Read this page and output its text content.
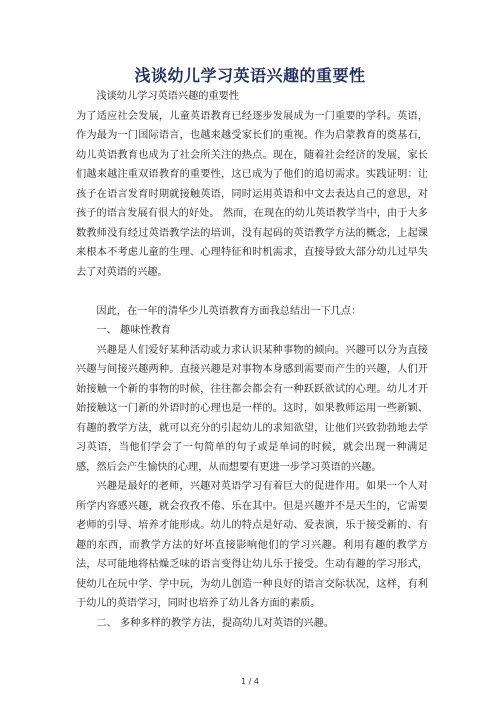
浅谈幼儿学习英语兴趣的重要性

浅谈幼儿学习英语兴趣的重要性

为了适应社会发展，儿童英语教育已经逐步发展成为一门重要的学科。英语，作为最为一门国际语言，也越来越受家长们的重视。作为启蒙教育的奠基石，幼儿英语教育也成为了社会所关注的热点。现在，随着社会经济的发展，家长们越来越注重双语教育的重要性，这已成为了他们的追切需求。实践证明：让孩子在语言发育时期就接触英语，同时运用英语和中文去表达自己的意思，对孩子的语言发展有很大的好处。 然而，在现在的幼儿英语教学当中，由于大多数教师没有经过英语教学法的培训，没有起码的英语教学方法的概念，上起课来根本不考虑儿童的生理、心理特征和时机需求，直接导致大部分幼儿过早失去了对英语的兴趣。

因此，在一年的清华少儿英语教育方面我总结出一下几点：

一、 趣味性教育

兴趣是人们爱好某种活动或力求认识某种事物的倾向。兴趣可以分为直接兴趣与间接兴趣两种。直接兴趣是对事物本身感到需要而产生的兴趣，人们开始接触一个新的事物的时候，往往都会都会有一种跃跃欲试的心理。幼儿才开始接触这一门新的外语时的心理也是一样的。这时，如果教师运用一些新颖、有趣的教学方法，就可以充分的引起幼儿的求知欲望，让他们兴致勃勃地去学习英语，当他们学会了一句简单的句子或是单词的时候，就会出现一种满足感，然后会产生愉快的心理，从而想要有更进一步学习英语的兴趣。

兴趣是最好的老师，兴趣对英语学习有着巨大的促进作用。如果一个人对所学内容感兴趣，就会孜孜不倦、乐在其中。但是兴趣并不是天生的，它需要老师的引导、培养才能形成。幼儿的特点是好动、爱表演，乐于接受新的、有趣的东西，而教学方法的好坏直接影响他们的学习兴趣。利用有趣的教学方法，尽可能地将枯燥乏味的语言变得让幼儿乐于接受。生动有趣的学习形式，使幼儿在玩中学、学中玩，为幼儿创造一种良好的语言交际状况，这样，有利于幼儿的英语学习，同时也培养了幼儿各方面的素质。

二、 多种多样的教学方法，提高幼儿对英语的兴趣。

1 / 4
